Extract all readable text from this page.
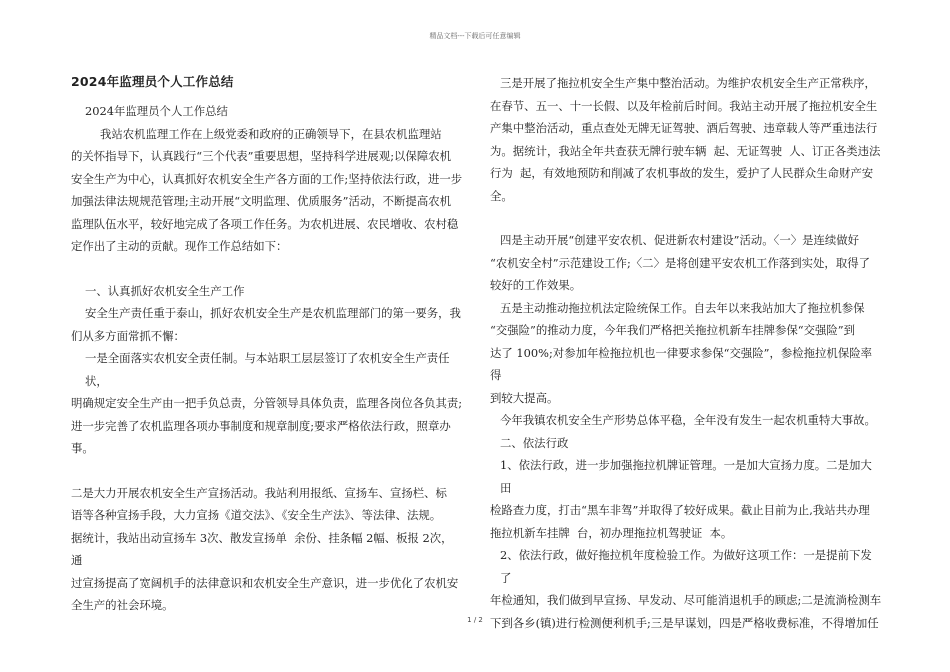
精品文档---下载后可任意编辑
2024年监理员个人工作总结
2024年监理员个人工作总结
我站农机监理工作在上级党委和政府的正确领导下，在县农机监理站
的关怀指导下，认真践行“三个代表”重要思想，坚持科学进展观;以保障农机
安全生产为中心，认真抓好农机安全生产各方面的工作;坚持依法行政，进一步
加强法律法规规范管理;主动开展“文明监理、优质服务”活动，不断提高农机
监理队伍水平，较好地完成了各项工作任务。为农机进展、农民增收、农村稳
定作出了主动的贡献。现作工作总结如下：
一、认真抓好农机安全生产工作
安全生产责任重于泰山，抓好农机安全生产是农机监理部门的第一要务，我
们从多方面常抓不懈：
一是全面落实农机安全责任制。与本站职工层层签订了农机安全生产责任状，
明确规定安全生产由一把手负总责，分管领导具体负责，监理各岗位各负其责;
进一步完善了农机监理各项办事制度和规章制度;要求严格依法行政，照章办事。
二是大力开展农机安全生产宣扬活动。我站利用报纸、宣扬车、宣扬栏、标
语等各种宣扬手段，大力宣扬《道交法》、《安全生产法》、等法律、法规。
据统计，我站出动宣扬车 3次、散发宣扬单  余份、挂条幅 2幅、板报 2次，通
过宣扬提高了宽阔机手的法律意识和农机安全生产意识，进一步优化了农机安
全生产的社会环境。
三是开展了拖拉机安全生产集中整治活动。为维护农机安全生产正常秩序，
在春节、五一、十一长假、以及年检前后时间。我站主动开展了拖拉机安全生
产集中整治活动，重点查处无牌无证驾驶、酒后驾驶、违章载人等严重违法行
为。据统计，我站全年共查获无牌行驶车辆  起、无证驾驶  人、订正各类违法
行为  起，有效地预防和削减了农机事故的发生，爱护了人民群众生命财产安全。
四是主动开展“创建平安农机、促进新农村建设”活动。〈一〉是连续做好
“农机安全村”示范建设工作;〈二〉是将创建平安农机工作落到实处，取得了
较好的工作效果。
五是主动推动拖拉机法定险统保工作。自去年以来我站加大了拖拉机参保
“交强险”的推动力度，今年我们严格把关拖拉机新车挂牌参保“交强险”到
达了 100%;对参加年检拖拉机也一律要求参保“交强险”，参检拖拉机保险率得
到较大提高。
今年我镇农机安全生产形势总体平稳，全年没有发生一起农机重特大事故。
二、依法行政
1、依法行政，进一步加强拖拉机牌证管理。一是加大宣扬力度。二是加大田
检路查力度，打击“黑车非驾”并取得了较好成果。截止目前为止,我站共办理
拖拉机新车挂牌  台，初办理拖拉机驾驶证  本。
2、依法行政，做好拖拉机年度检验工作。为做好这项工作：一是提前下发了
年检通知，我们做到早宣扬、早发动、尽可能消退机手的顾虑;二是流淌检测车
下到各乡(镇)进行检测便利机手;三是早谋划，四是严格收费标准，不得增加任
1 / 2
